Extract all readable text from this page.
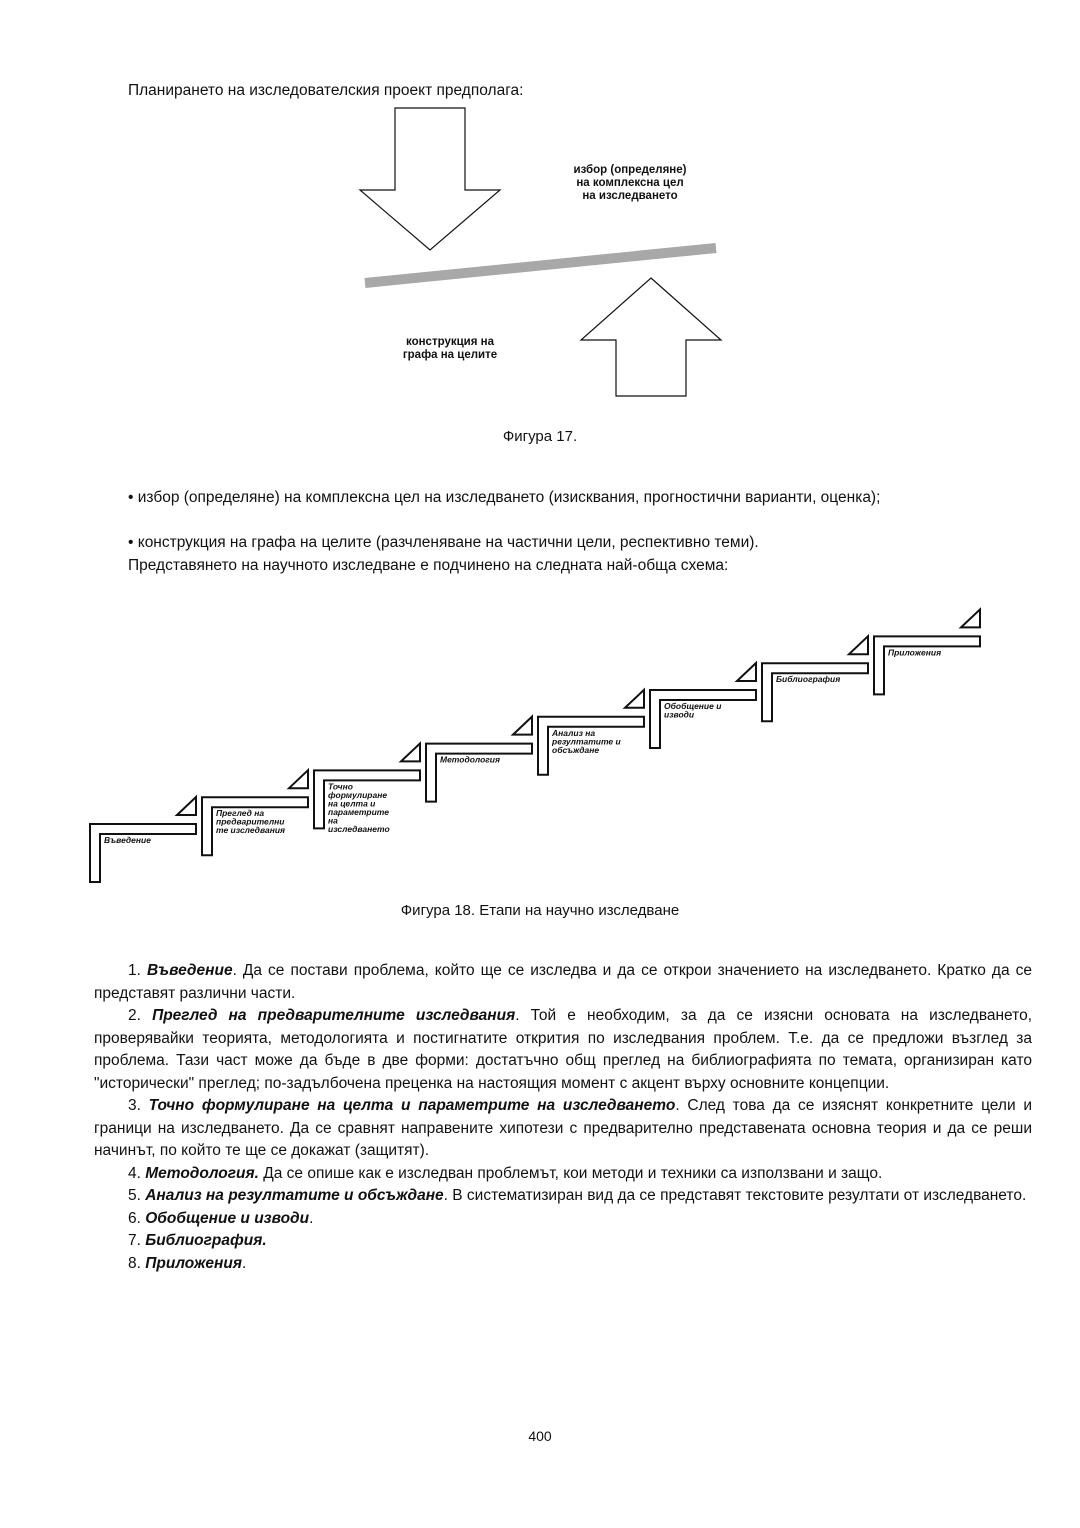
Планирането на изследователския проект предполага:
избор (определяне) на комплексна цел на изследването
конструкция на графа на целите
Въведение
Преглед на предварителни те изследвания
Точно формулиране на целта и параметрите на изследването
Методология
Анализ на резултатите и обсъждане
Обобщение и изводи
Библиография
Приложения
Фигура 17.
• избор (определяне) на комплексна цел на изследването (изисквания, прогностични варианти, оценка);
• конструкция на графа на целите (разчленяване на частични цели, респективно теми).
Представянето на научното изследване е подчинено на следната най-обща схема:
Фигура 18. Етапи на научно изследване
1. Въведение. Да се постави проблема, който ще се изследва и да се открои значението на изследването. Кратко да се представят различни части.
2. Преглед на предварителните изследвания. Той е необходим, за да се изясни основата на изследването, проверявайки теорията, методологията и постигнатите открития по изследвания проблем. Т.е. да се предложи възглед за проблема. Тази част може да бъде в две форми: достатъчно общ преглед на библиографията по темата, организиран като "исторически" преглед; по-задълбочена преценка на настоящия момент с акцент върху основните концепции.
3. Точно формулиране на целта и параметрите на изследването. След това да се изяснят конкретните цели и граници на изследването. Да се сравнят направените хипотези с предварително представената основна теория и да се реши начинът, по който те ще се докажат (защитят).
4. Методология. Да се опише как е изследван проблемът, кои методи и техники са използвани и защо.
5. Анализ на резултатите и обсъждане. В систематизиран вид да се представят текстовите резултати от изследването.
6. Обобщение и изводи.
7. Библиография.
8. Приложения.
400
